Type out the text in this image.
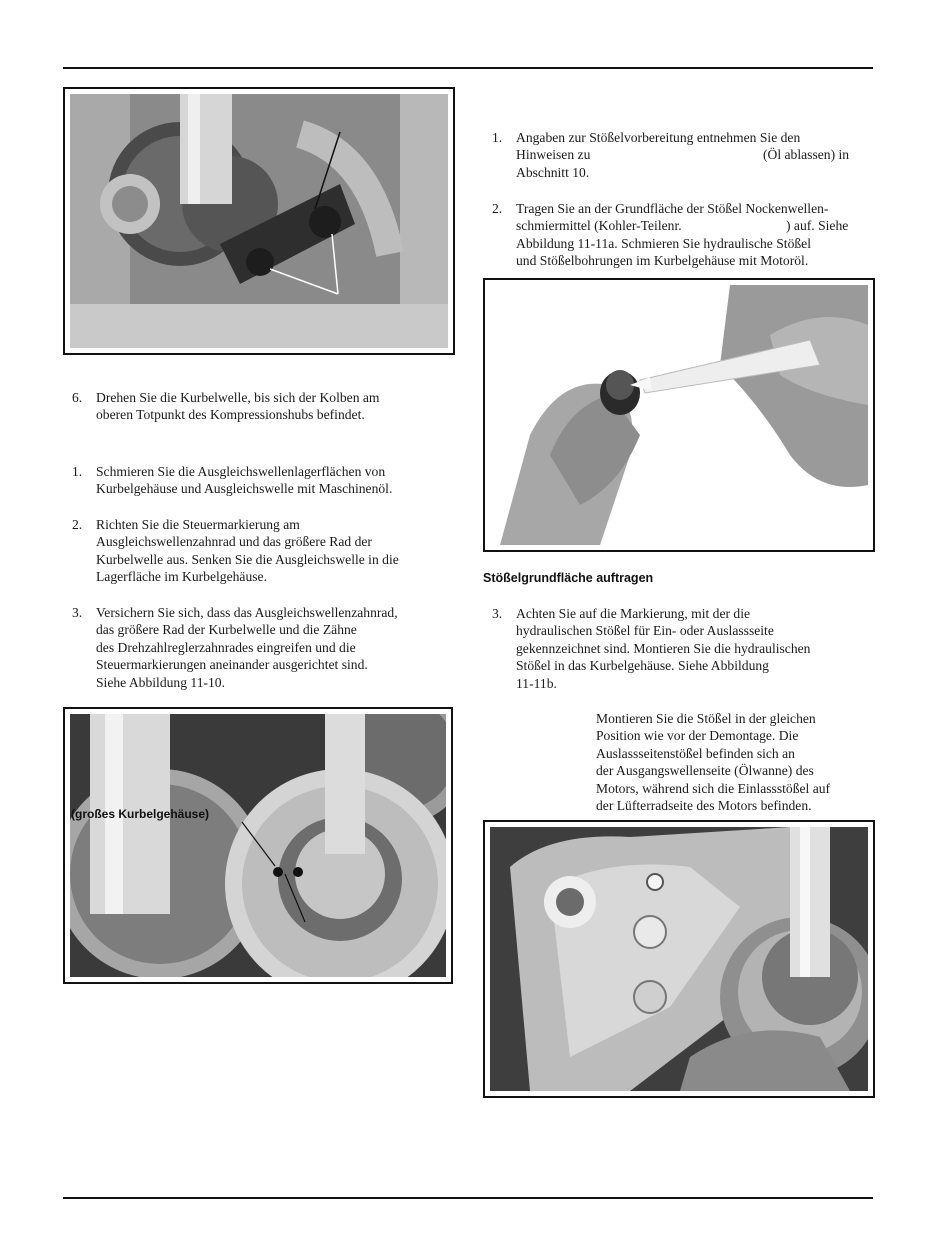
6. Drehen Sie die Kurbelwelle, bis sich der Kolben am
oberen Totpunkt des Kompressionshubs befindet.
1. Schmieren Sie die Ausgleichswellenlagerflächen von
Kurbelgehäuse und Ausgleichswelle mit Maschinenöl.
2. Richten Sie die Steuermarkierung am
Ausgleichswellenzahnrad und das größere Rad der
Kurbelwelle aus. Senken Sie die Ausgleichswelle in die
Lagerfläche im Kurbelgehäuse.
3. Versichern Sie sich, dass das Ausgleichswellenzahnrad,
das größere Rad der Kurbelwelle und die Zähne
des Drehzahlreglerzahnrades eingreifen und die
Steuermarkierungen aneinander ausgerichtet sind.
Siehe Abbildung 11-10.
(großes Kurbelgehäuse)
1. Angaben zur Stößelvorbereitung entnehmen Sie den
Hinweisen zu	(Öl ablassen) in
Abschnitt 10.
2. Tragen Sie an der Grundfläche der Stößel Nockenwellen-
schmiermittel (Kohler-Teilenr.	) auf. Siehe
Abbildung 11-11a. Schmieren Sie hydraulische Stößel
und Stößelbohrungen im Kurbelgehäuse mit Motoröl.
Stößelgrundfläche auftragen
3. Achten Sie auf die Markierung, mit der die
hydraulischen Stößel für Ein- oder Auslassseite
gekennzeichnet sind. Montieren Sie die hydraulischen
Stößel in das Kurbelgehäuse. Siehe Abbildung
11-11b.
Montieren Sie die Stößel in der gleichen
Position wie vor der Demontage. Die
Auslassseitenstößel befinden sich an
der Ausgangswellenseite (Ölwanne) des
Motors, während sich die Einlassstößel auf
der Lüfterradseite des Motors befinden.
